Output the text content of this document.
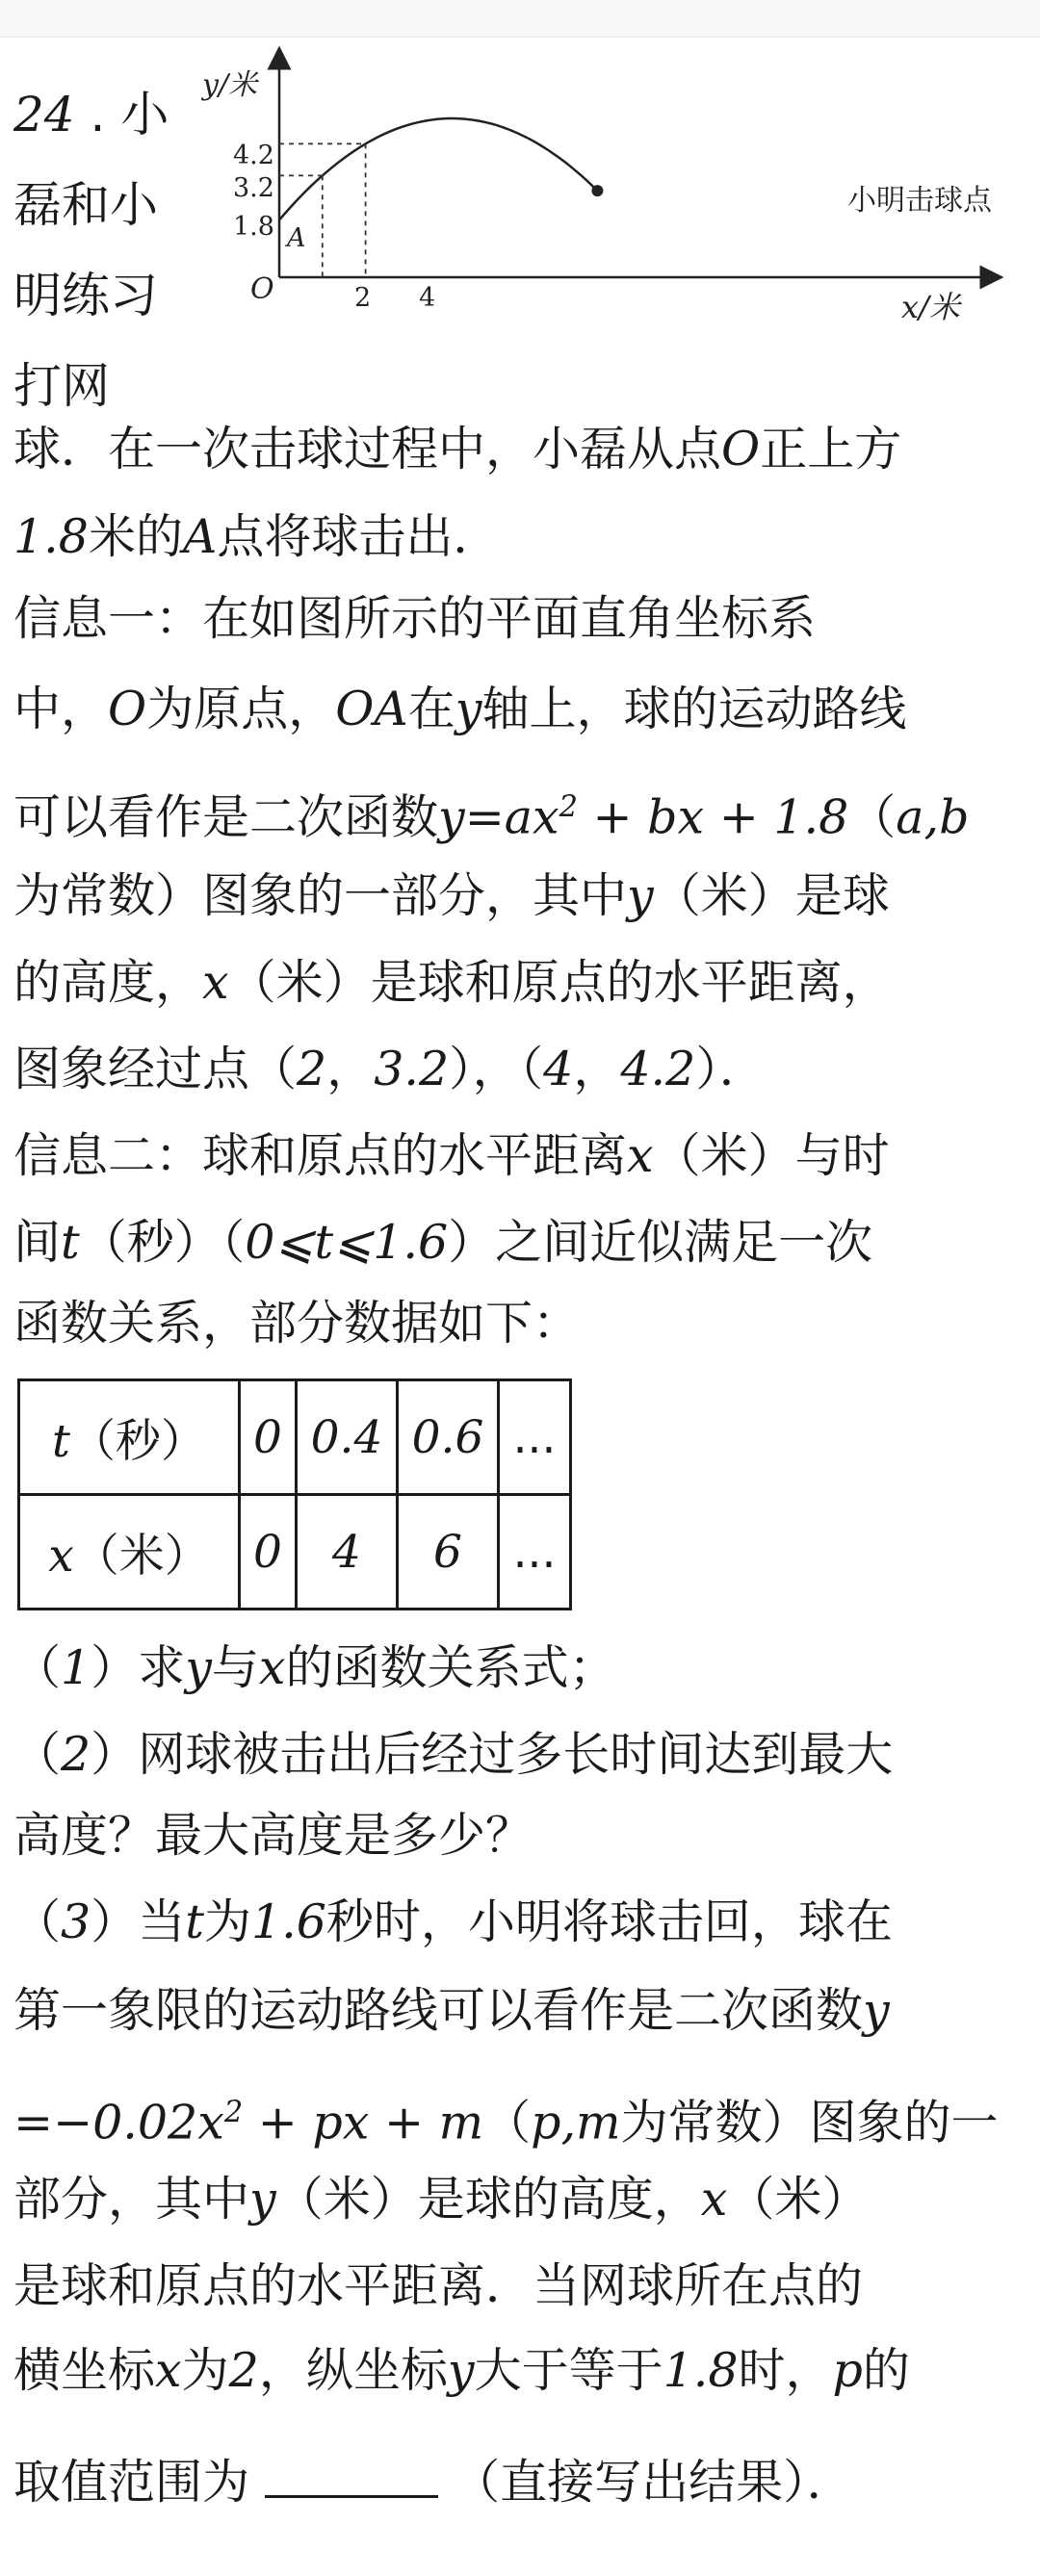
24 . 小
磊和小
明练习
打网
y/米
x/米
O
4.2
3.2
1.8
2 4
A
小明击球点
球．在一次击球过程中，小磊从点O正上方
1.8米的A点将球击出．
信息一：在如图所示的平面直角坐标系
中，O为原点，OA在y轴上，球的运动路线
可以看作是二次函数$y=ax^2$ + bx + 1.8（a,b
为常数）图象的一部分，其中y（米）是球
的高度，x（米）是球和原点的水平距离，
图象经过点（2，3.2），（4，4.2）．
信息二：球和原点的水平距离x（米）与时
间t（秒）（0⩽t⩽1.6）之间近似满足一次
函数关系，部分数据如下：
t（秒）	0	0.4	0.6	...
x（米）	0	4	6	...
（1）求y与x的函数关系式；
（2）网球被击出后经过多长时间达到最大
高度？最大高度是多少？
（3）当t为1.6秒时，小明将球击回，球在
第一象限的运动路线可以看作是二次函数y
$=-0.02x^2$ + px + m（p,m为常数）图象的一
部分，其中y（米）是球的高度，x（米）
是球和原点的水平距离．当网球所在点的
横坐标x为2，纵坐标y大于等于1.8时，p的
取值范围为	（直接写出结果）．
